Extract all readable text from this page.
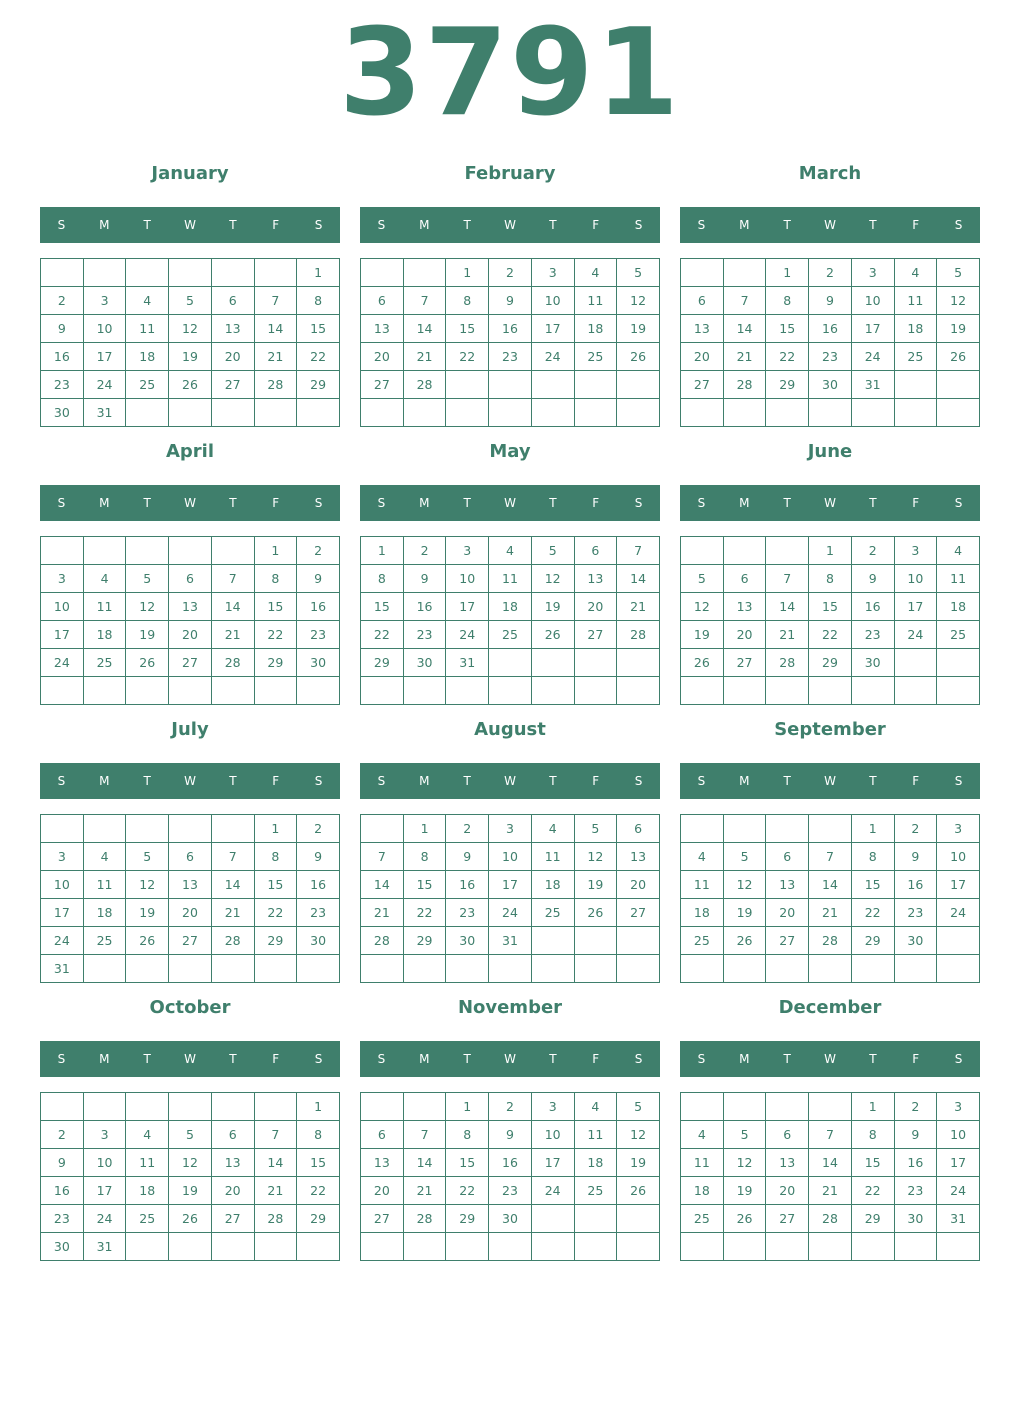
3791
January
S	M	T	W	T	F	S
						1
2	3	4	5	6	7	8
9	10	11	12	13	14	15
16	17	18	19	20	21	22
23	24	25	26	27	28	29
30	31					
February
S	M	T	W	T	F	S
		1	2	3	4	5
6	7	8	9	10	11	12
13	14	15	16	17	18	19
20	21	22	23	24	25	26
27	28					

March
S	M	T	W	T	F	S
		1	2	3	4	5
6	7	8	9	10	11	12
13	14	15	16	17	18	19
20	21	22	23	24	25	26
27	28	29	30	31		

April
S	M	T	W	T	F	S
					1	2
3	4	5	6	7	8	9
10	11	12	13	14	15	16
17	18	19	20	21	22	23
24	25	26	27	28	29	30

May
S	M	T	W	T	F	S
1	2	3	4	5	6	7
8	9	10	11	12	13	14
15	16	17	18	19	20	21
22	23	24	25	26	27	28
29	30	31				

June
S	M	T	W	T	F	S
			1	2	3	4
5	6	7	8	9	10	11
12	13	14	15	16	17	18
19	20	21	22	23	24	25
26	27	28	29	30		

July
S	M	T	W	T	F	S
					1	2
3	4	5	6	7	8	9
10	11	12	13	14	15	16
17	18	19	20	21	22	23
24	25	26	27	28	29	30
31						
August
S	M	T	W	T	F	S
	1	2	3	4	5	6
7	8	9	10	11	12	13
14	15	16	17	18	19	20
21	22	23	24	25	26	27
28	29	30	31			

September
S	M	T	W	T	F	S
				1	2	3
4	5	6	7	8	9	10
11	12	13	14	15	16	17
18	19	20	21	22	23	24
25	26	27	28	29	30	

October
S	M	T	W	T	F	S
						1
2	3	4	5	6	7	8
9	10	11	12	13	14	15
16	17	18	19	20	21	22
23	24	25	26	27	28	29
30	31					
November
S	M	T	W	T	F	S
		1	2	3	4	5
6	7	8	9	10	11	12
13	14	15	16	17	18	19
20	21	22	23	24	25	26
27	28	29	30			

December
S	M	T	W	T	F	S
				1	2	3
4	5	6	7	8	9	10
11	12	13	14	15	16	17
18	19	20	21	22	23	24
25	26	27	28	29	30	31
